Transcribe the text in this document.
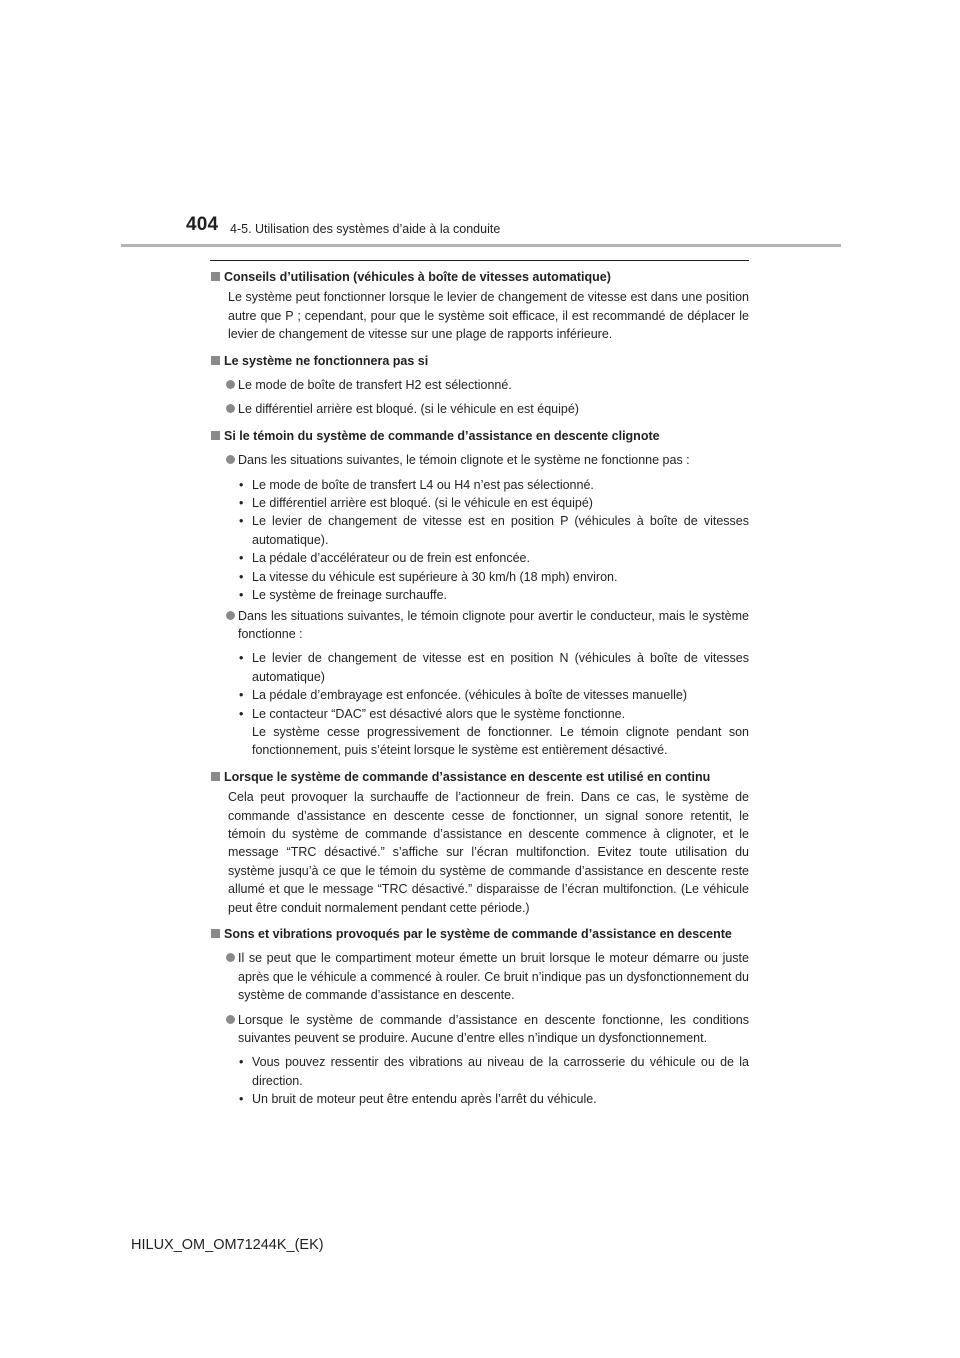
404 4-5. Utilisation des systèmes d’aide à la conduite
Conseils d’utilisation (véhicules à boîte de vitesses automatique)
Le système peut fonctionner lorsque le levier de changement de vitesse est dans une position autre que P ; cependant, pour que le système soit efficace, il est recommandé de déplacer le levier de changement de vitesse sur une plage de rapports inférieure.
Le système ne fonctionnera pas si
Le mode de boîte de transfert H2 est sélectionné.
Le différentiel arrière est bloqué. (si le véhicule en est équipé)
Si le témoin du système de commande d’assistance en descente clignote
Dans les situations suivantes, le témoin clignote et le système ne fonctionne pas :
• Le mode de boîte de transfert L4 ou H4 n’est pas sélectionné.
• Le différentiel arrière est bloqué. (si le véhicule en est équipé)
• Le levier de changement de vitesse est en position P (véhicules à boîte de vitesses automatique).
• La pédale d’accélérateur ou de frein est enfoncée.
• La vitesse du véhicule est supérieure à 30 km/h (18 mph) environ.
• Le système de freinage surchauffe.
Dans les situations suivantes, le témoin clignote pour avertir le conducteur, mais le système fonctionne :
• Le levier de changement de vitesse est en position N (véhicules à boîte de vitesses automatique)
• La pédale d’embrayage est enfoncée. (véhicules à boîte de vitesses manuelle)
• Le contacteur “DAC” est désactivé alors que le système fonctionne.
Le système cesse progressivement de fonctionner. Le témoin clignote pendant son fonctionnement, puis s’éteint lorsque le système est entièrement désactivé.
Lorsque le système de commande d’assistance en descente est utilisé en continu
Cela peut provoquer la surchauffe de l’actionneur de frein. Dans ce cas, le système de commande d’assistance en descente cesse de fonctionner, un signal sonore retentit, le témoin du système de commande d’assistance en descente commence à clignoter, et le message “TRC désactivé.” s’affiche sur l’écran multifonction. Evitez toute utilisation du système jusqu’à ce que le témoin du système de commande d’assistance en descente reste allumé et que le message “TRC désactivé.” disparaisse de l’écran multifonction. (Le véhicule peut être conduit normalement pendant cette période.)
Sons et vibrations provoqués par le système de commande d’assistance en descente
Il se peut que le compartiment moteur émette un bruit lorsque le moteur démarre ou juste après que le véhicule a commencé à rouler. Ce bruit n’indique pas un dysfonctionnement du système de commande d’assistance en descente.
Lorsque le système de commande d’assistance en descente fonctionne, les conditions suivantes peuvent se produire. Aucune d’entre elles n’indique un dysfonctionnement.
• Vous pouvez ressentir des vibrations au niveau de la carrosserie du véhicule ou de la direction.
• Un bruit de moteur peut être entendu après l’arrêt du véhicule.
HILUX_OM_OM71244K_(EK)
